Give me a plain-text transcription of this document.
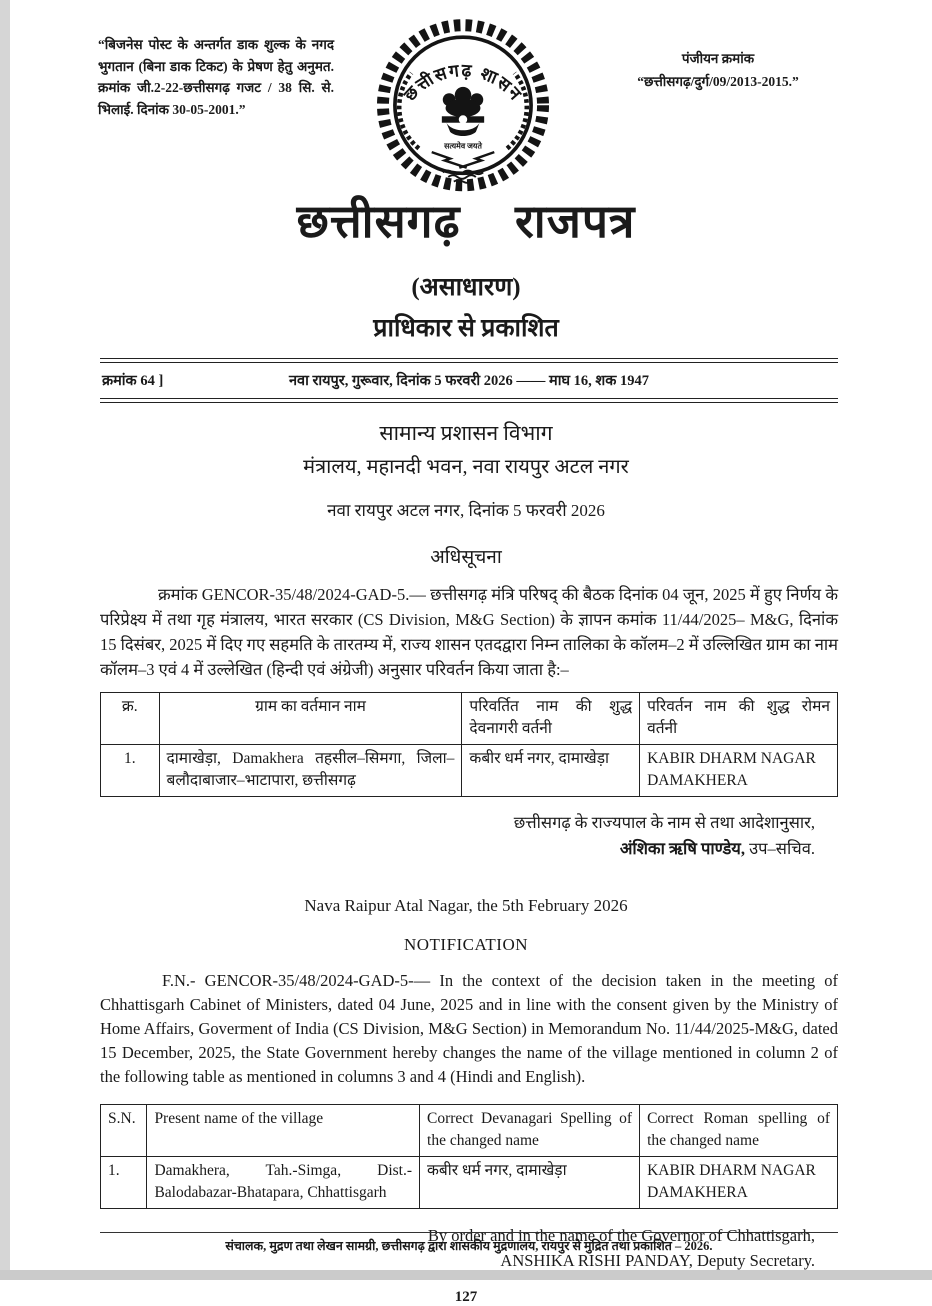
“बिजनेस पोस्ट के अन्तर्गत डाक शुल्क के नगद भुगतान (बिना डाक टिकट) के प्रेषण हेतु अनुमत. क्रमांक जी.2-22-छत्तीसगढ़ गजट / 38 सि. से. भिलाई. दिनांक 30-05-2001.”
छत्तीसगढ़ शासन
सत्यमेव जयते
पंजीयन क्रमांक
“छत्तीसगढ़/दुर्ग/09/2013-2015.”
छत्तीसगढ़ राजपत्र
(असाधारण)
प्राधिकार से प्रकाशित
क्रमांक 64 ]	नवा रायपुर, गुरूवार, दिनांक 5 फरवरी 2026 —— माघ 16, शक 1947
सामान्य प्रशासन विभाग
मंत्रालय, महानदी भवन, नवा रायपुर अटल नगर
नवा रायपुर अटल नगर, दिनांक 5 फरवरी 2026
अधिसूचना
क्रमांक GENCOR-35/48/2024-GAD-5.— छत्तीसगढ़ मंत्रि परिषद् की बैठक दिनांक 04 जून, 2025 में हुए निर्णय के परिप्रेक्ष्य में तथा गृह मंत्रालय, भारत सरकार (CS Division, M&G Section) के ज्ञापन कमांक 11/44/2025– M&G, दिनांक 15 दिसंबर, 2025 में दिए गए सहमति के तारतम्य में, राज्य शासन एतदद्वारा निम्न तालिका के कॉलम–2 में उल्लिखित ग्राम का नाम कॉलम–3 एवं 4 में उल्लेखित (हिन्दी एवं अंग्रेजी) अनुसार परिवर्तन किया जाता है:–
क्र.	ग्राम का वर्तमान नाम	परिवर्तित नाम की शुद्ध देवनागरी वर्तनी	परिवर्तन नाम की शुद्ध रोमन वर्तनी
1.	दामाखेड़ा, Damakhera तहसील–सिमगा, जिला–बलौदाबाजार–भाटापारा, छत्तीसगढ़	कबीर धर्म नगर, दामाखेड़ा	KABIR DHARM NAGAR DAMAKHERA
छत्तीसगढ़ के राज्यपाल के नाम से तथा आदेशानुसार,
अंशिका ऋषि पाण्डेय, उप–सचिव.
Nava Raipur Atal Nagar, the 5th February 2026
NOTIFICATION
F.N.- GENCOR-35/48/2024-GAD-5-— In the context of the decision taken in the meeting of Chhattisgarh Cabinet of Ministers, dated 04 June, 2025 and in line with the consent given by the Ministry of Home Affairs, Goverment of India (CS Division, M&G Section) in Memorandum No. 11/44/2025-M&G, dated 15 December, 2025, the State Government hereby changes the name of the village mentioned in column 2 of the following table as mentioned in columns 3 and 4 (Hindi and English).
S.N.	Present name of the village	Correct Devanagari Spelling of the changed name	Correct Roman spelling of the changed name
1.	Damakhera, Tah.-Simga, Dist.-Balodabazar-Bhatapara, Chhattisgarh	कबीर धर्म नगर, दामाखेड़ा	KABIR DHARM NAGAR DAMAKHERA
By order and in the name of the Governor of Chhattisgarh,
ANSHIKA RISHI PANDAY, Deputy Secretary.
127
संचालक, मुद्रण तथा लेखन सामग्री, छत्तीसगढ़ द्वारा शासकीय मुद्रणालय, रायपुर से मुद्रित तथा प्रकाशित – 2026.
